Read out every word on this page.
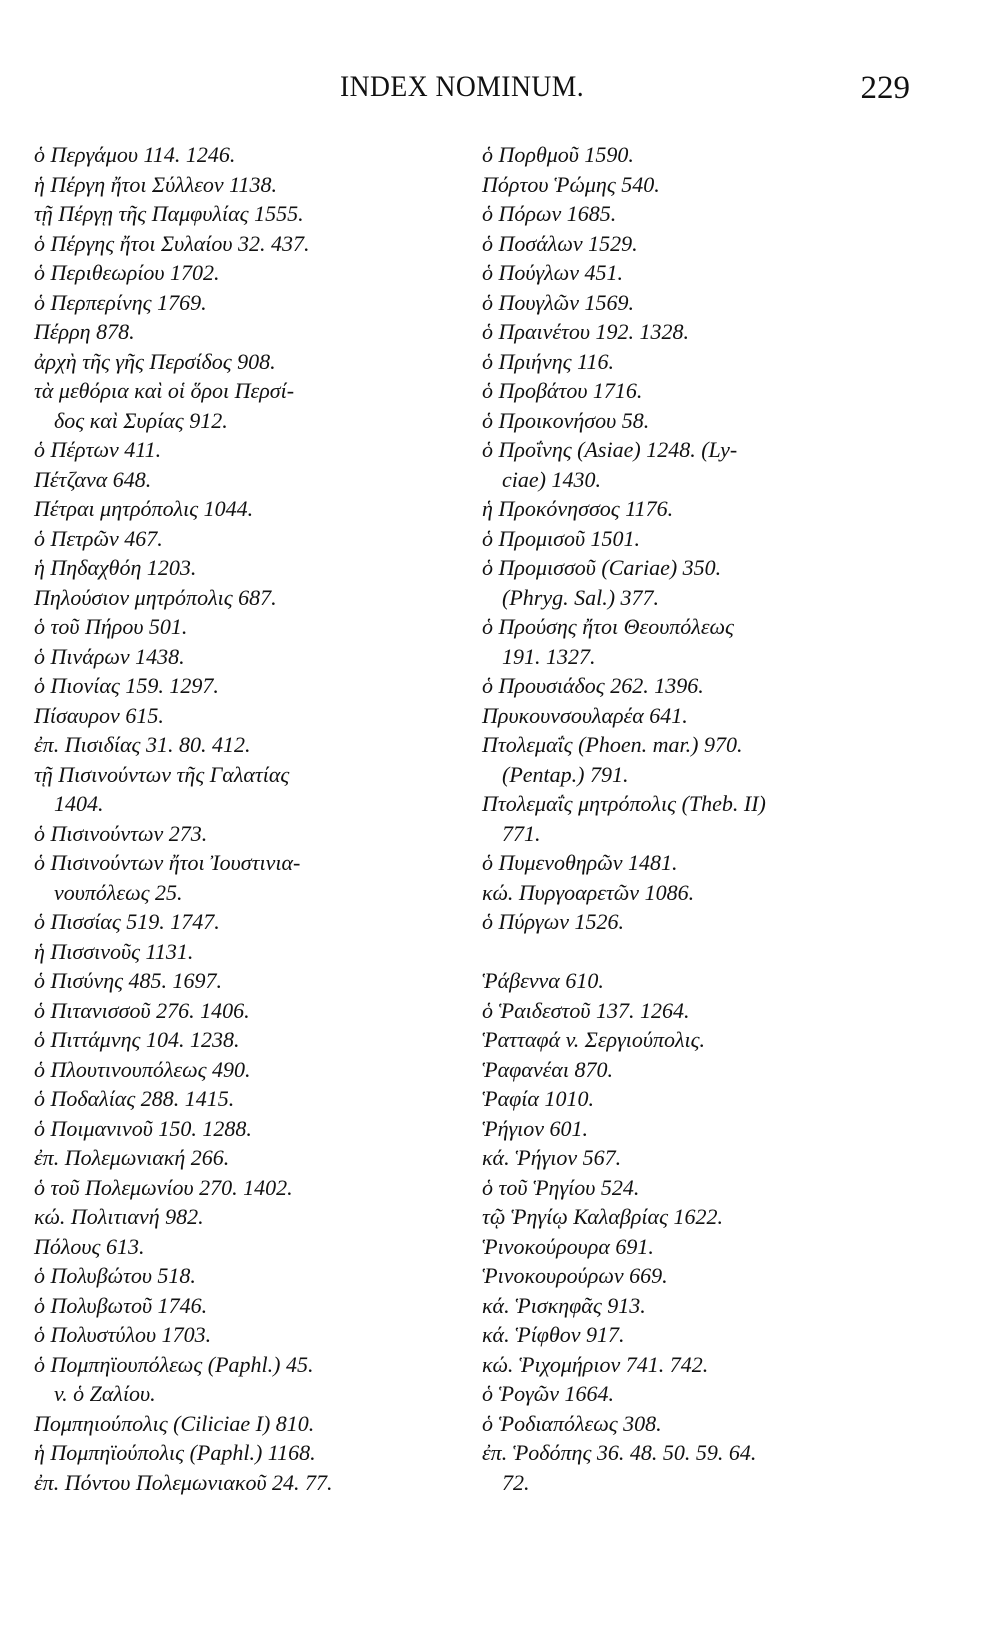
INDEX NOMINUM.	229
ὁ Περγάμου 114. 1246.
ἡ Πέργη ἤτοι Σύλλεον 1138.
τῇ Πέργῃ τῆς Παμφυλίας 1555.
ὁ Πέργης ἤτοι Συλαίου 32. 437.
ὁ Περιθεωρίου 1702.
ὁ Περπερίνης 1769.
Πέρρη 878.
ἀρχὴ τῆς γῆς Περσίδος 908.
τὰ μεθόρια καὶ οἱ ὅροι Περσί-
δος καὶ Συρίας 912.
ὁ Πέρτων 411.
Πέτζανα 648.
Πέτραι μητρόπολις 1044.
ὁ Πετρῶν 467.
ἡ Πηδαχθόη 1203.
Πηλούσιον μητρόπολις 687.
ὁ τοῦ Πήρου 501.
ὁ Πινάρων 1438.
ὁ Πιονίας 159. 1297.
Πίσαυρον 615.
ἐπ. Πισιδίας 31. 80. 412.
τῇ Πισινούντων τῆς Γαλατίας
1404.
ὁ Πισινούντων 273.
ὁ Πισινούντων ἤτοι Ἰουστινια-
νουπόλεως 25.
ὁ Πισσίας 519. 1747.
ἡ Πισσινοῦς 1131.
ὁ Πισύνης 485. 1697.
ὁ Πιτανισσοῦ 276. 1406.
ὁ Πιττάμνης 104. 1238.
ὁ Πλουτινουπόλεως 490.
ὁ Ποδαλίας 288. 1415.
ὁ Ποιμανινοῦ 150. 1288.
ἐπ. Πολεμωνιακή 266.
ὁ τοῦ Πολεμωνίου 270. 1402.
κώ. Πολιτιανή 982.
Πόλους 613.
ὁ Πολυβώτου 518.
ὁ Πολυβωτοῦ 1746.
ὁ Πολυστύλου 1703.
ὁ Πομπηϊουπόλεως (Paphl.) 45.
v. ὁ Ζαλίου.
Πομπηιούπολις (Ciliciae I) 810.
ἡ Πομπηϊούπολις (Paphl.) 1168.
ἐπ. Πόντου Πολεμωνιακοῦ 24. 77.
ὁ Πορθμοῦ 1590.
Πόρτου Ῥώμης 540.
ὁ Πόρων 1685.
ὁ Ποσάλων 1529.
ὁ Πούγλων 451.
ὁ Πουγλῶν 1569.
ὁ Πραινέτου 192. 1328.
ὁ Πριήνης 116.
ὁ Προβάτου 1716.
ὁ Προικονήσου 58.
ὁ Προΐνης (Asiae) 1248. (Ly-
ciae) 1430.
ἡ Προκόνησσος 1176.
ὁ Προμισοῦ 1501.
ὁ Προμισσοῦ (Cariae) 350.
(Phryg. Sal.) 377.
ὁ Προύσης ἤτοι Θεουπόλεως
191. 1327.
ὁ Προυσιάδος 262. 1396.
Πρυκουνσουλαρέα 641.
Πτολεμαΐς (Phoen. mar.) 970.
(Pentap.) 791.
Πτολεμαΐς μητρόπολις (Theb. II)
771.
ὁ Πυμενοθηρῶν 1481.
κώ. Πυργοαρετῶν 1086.
ὁ Πύργων 1526.
Ῥάβεννα 610.
ὁ Ῥαιδεστοῦ 137. 1264.
Ῥατταφά v. Σεργιούπολις.
Ῥαφανέαι 870.
Ῥαφία 1010.
Ῥήγιον 601.
κά. Ῥήγιον 567.
ὁ τοῦ Ῥηγίου 524.
τῷ Ῥηγίῳ Καλαβρίας 1622.
Ῥινοκούρουρα 691.
Ῥινοκουρούρων 669.
κά. Ῥισκηφᾶς 913.
κά. Ῥίφθον 917.
κώ. Ῥιχομήριον 741. 742.
ὁ Ῥογῶν 1664.
ὁ Ῥοδιαπόλεως 308.
ἐπ. Ῥοδόπης 36. 48. 50. 59. 64.
72.
